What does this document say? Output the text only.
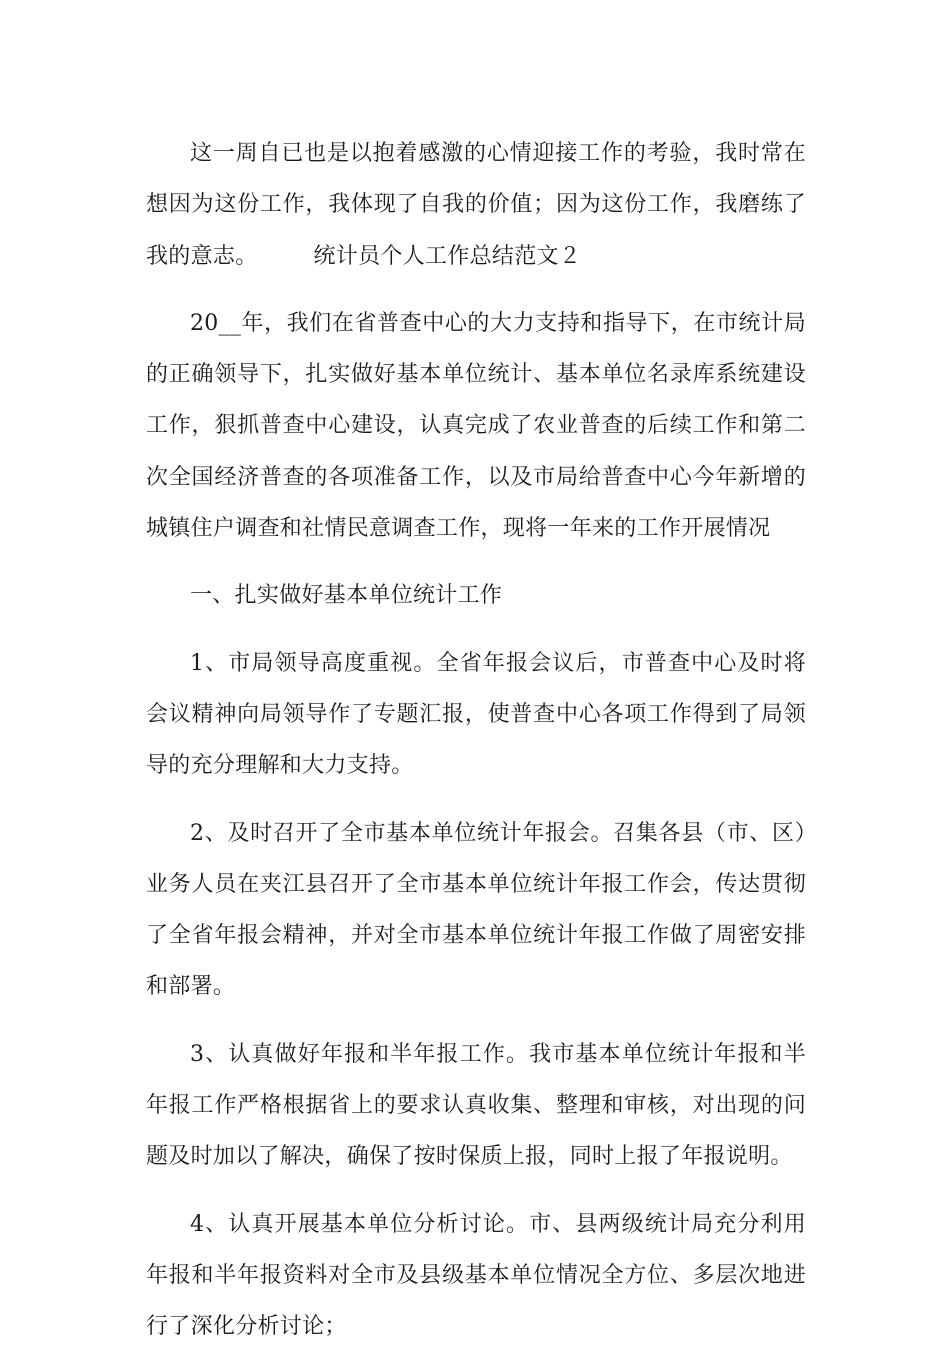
这一周自已也是以抱着感激的心情迎接工作的考验，我时常在想因为这份工作，我体现了自我的价值；因为这份工作，我磨练了我的意志。	统计员个人工作总结范文２

20__年，我们在省普查中心的大力支持和指导下，在市统计局的正确领导下，扎实做好基本单位统计、基本单位名录库系统建设工作，狠抓普查中心建设，认真完成了农业普查的后续工作和第二次全国经济普查的各项准备工作，以及市局给普查中心今年新增的城镇住户调查和社情民意调查工作，现将一年来的工作开展情况

一、扎实做好基本单位统计工作

1、市局领导高度重视。全省年报会议后，市普查中心及时将会议精神向局领导作了专题汇报，使普查中心各项工作得到了局领导的充分理解和大力支持。

2、及时召开了全市基本单位统计年报会。召集各县（市、区）业务人员在夹江县召开了全市基本单位统计年报工作会，传达贯彻了全省年报会精神，并对全市基本单位统计年报工作做了周密安排和部署。

3、认真做好年报和半年报工作。我市基本单位统计年报和半年报工作严格根据省上的要求认真收集、整理和审核，对出现的问题及时加以了解决，确保了按时保质上报，同时上报了年报说明。

4、认真开展基本单位分析讨论。市、县两级统计局充分利用年报和半年报资料对全市及县级基本单位情况全方位、多层次地进行了深化分析讨论；
